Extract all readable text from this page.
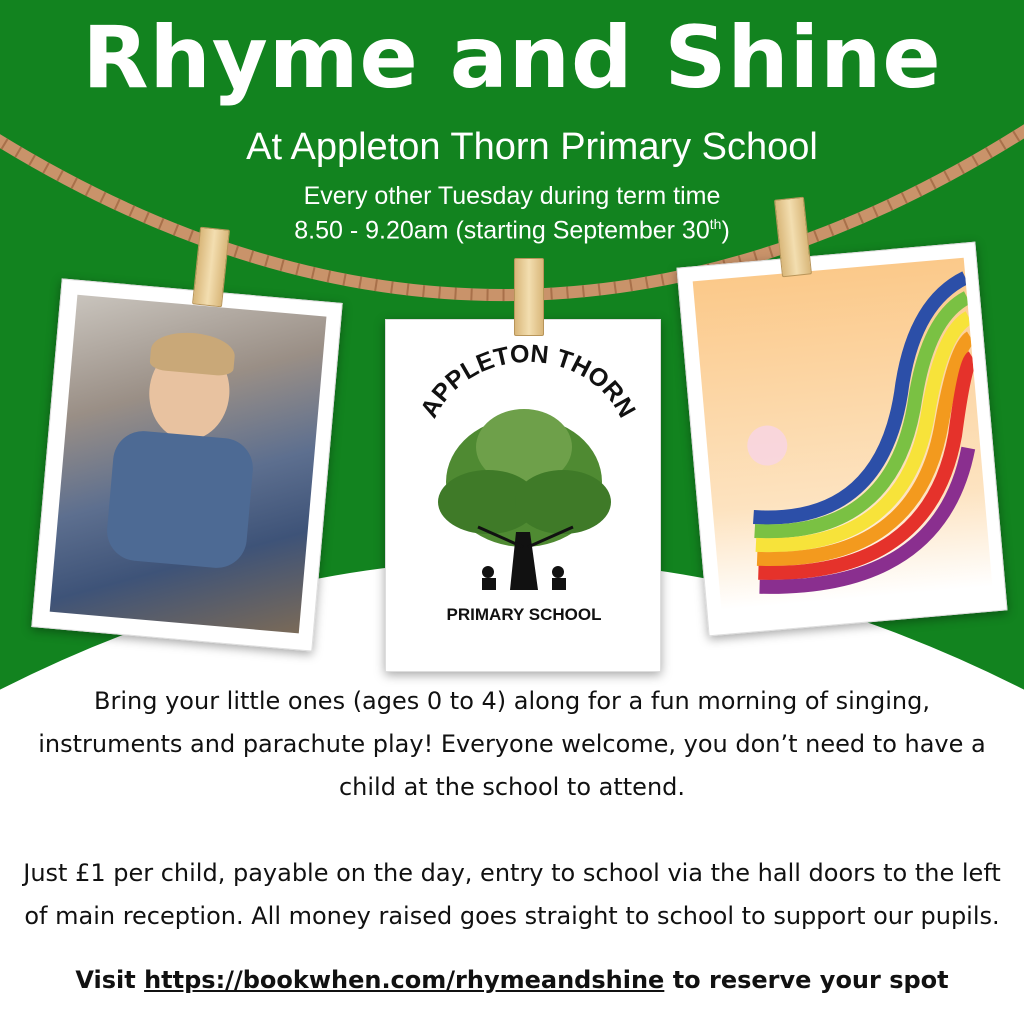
Rhyme and Shine
At Appleton Thorn Primary School
Every other Tuesday during term time
8.50 - 9.20am (starting September 30th)
APPLETON THORN
PRIMARY SCHOOL

Bring your little ones (ages 0 to 4) along for a fun morning of singing, instruments and parachute play! Everyone welcome, you don’t need to have a child at the school to attend.

Just £1 per child, payable on the day, entry to school via the hall doors to the left of main reception. All money raised goes straight to school to support our pupils.

Visit https://bookwhen.com/rhymeandshine to reserve your spot
